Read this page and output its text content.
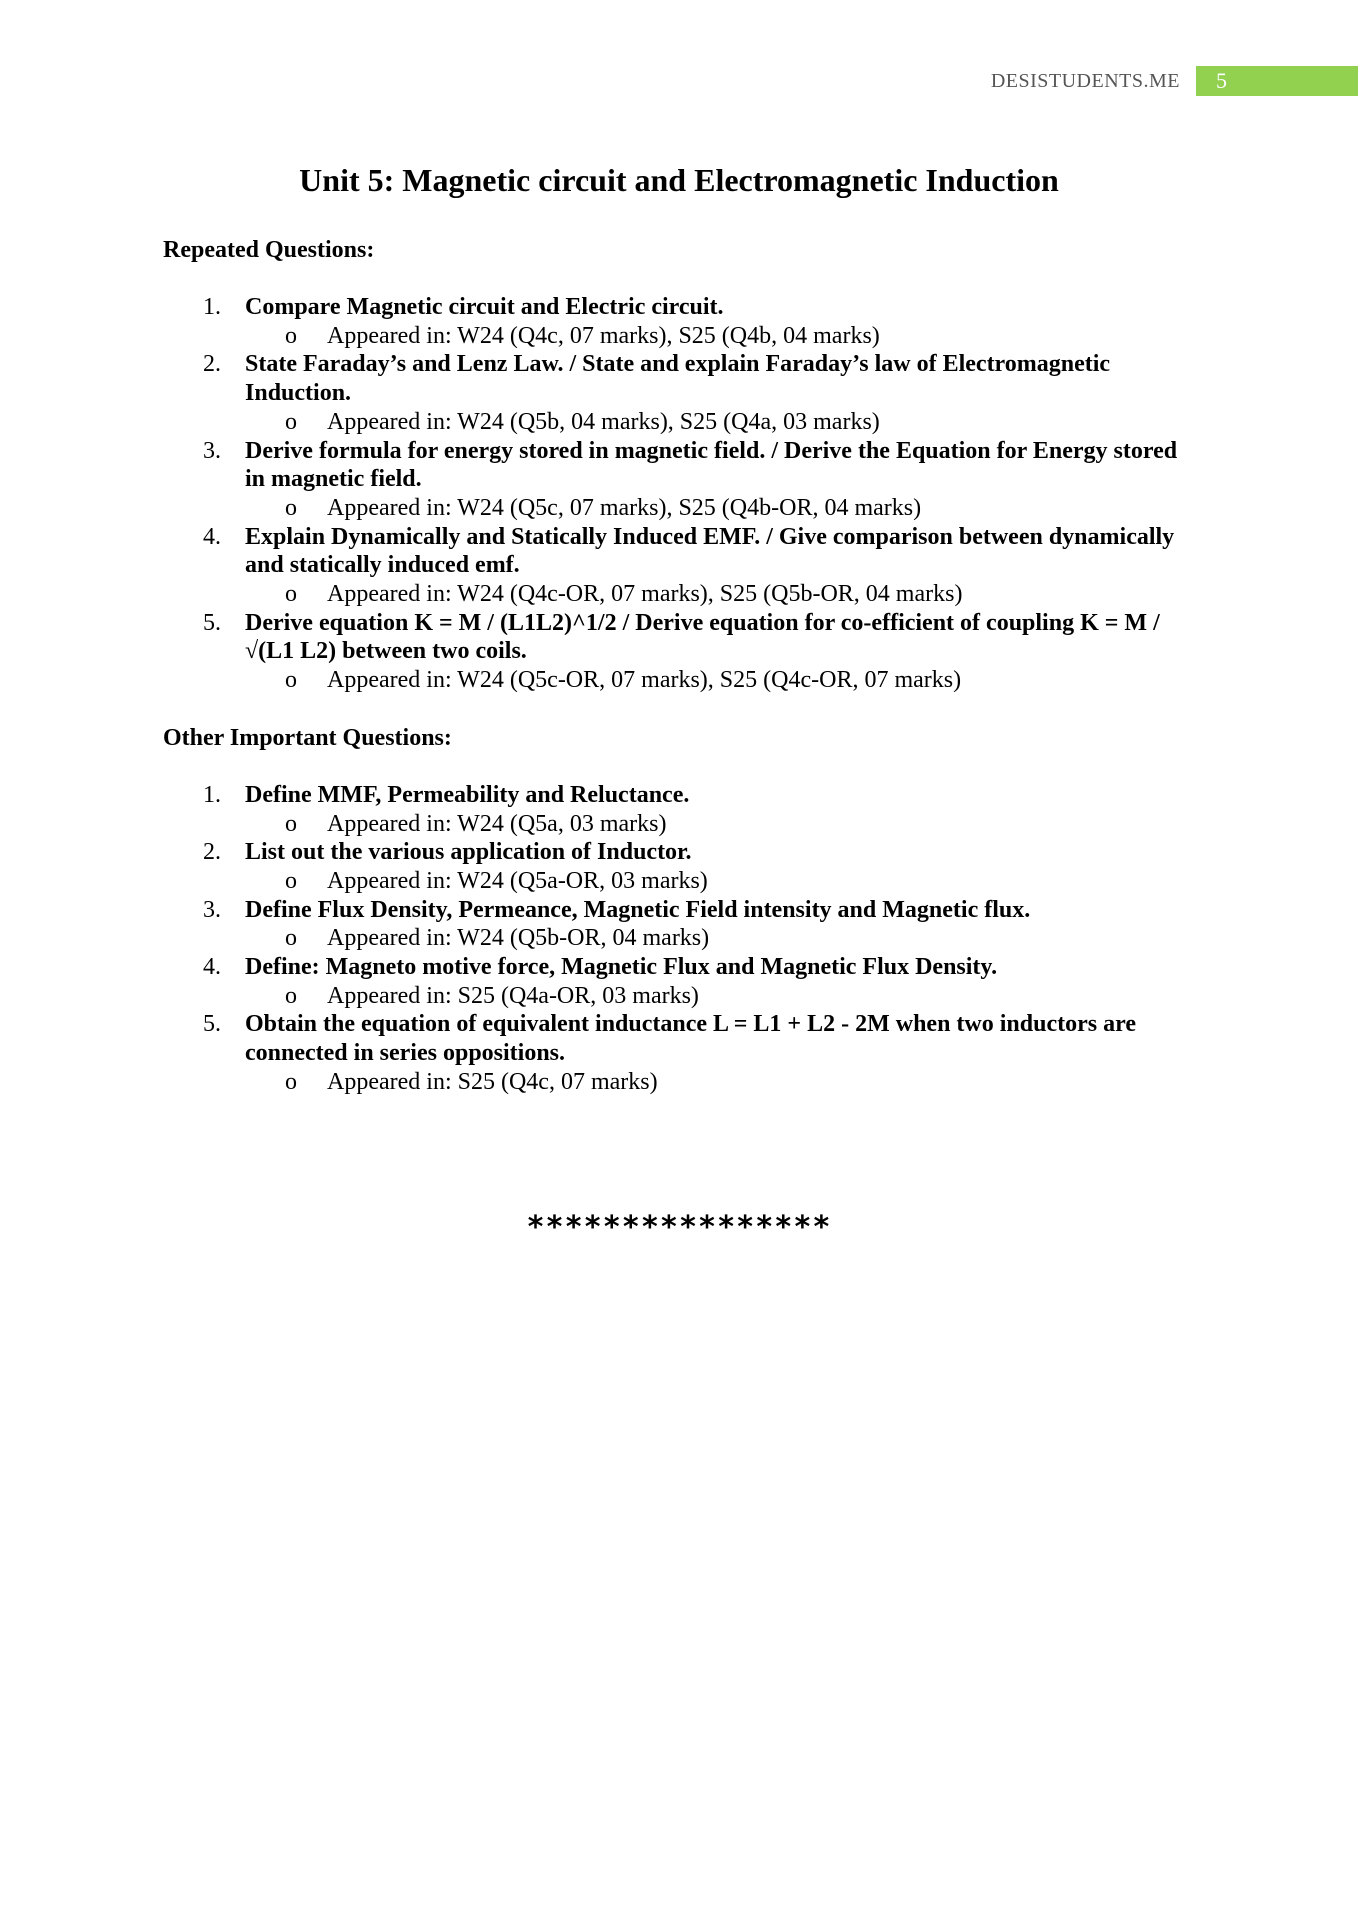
DESISTUDENTS.ME	5
Unit 5: Magnetic circuit and Electromagnetic Induction
Repeated Questions:
1. Compare Magnetic circuit and Electric circuit.
o Appeared in: W24 (Q4c, 07 marks), S25 (Q4b, 04 marks)
2. State Faraday’s and Lenz Law. / State and explain Faraday’s law of Electromagnetic Induction.
o Appeared in: W24 (Q5b, 04 marks), S25 (Q4a, 03 marks)
3. Derive formula for energy stored in magnetic field. / Derive the Equation for Energy stored in magnetic field.
o Appeared in: W24 (Q5c, 07 marks), S25 (Q4b-OR, 04 marks)
4. Explain Dynamically and Statically Induced EMF. / Give comparison between dynamically and statically induced emf.
o Appeared in: W24 (Q4c-OR, 07 marks), S25 (Q5b-OR, 04 marks)
5. Derive equation K = M / (L1L2)^1/2 / Derive equation for co-efficient of coupling K = M / √(L1 L2) between two coils.
o Appeared in: W24 (Q5c-OR, 07 marks), S25 (Q4c-OR, 07 marks)
Other Important Questions:
1. Define MMF, Permeability and Reluctance.
o Appeared in: W24 (Q5a, 03 marks)
2. List out the various application of Inductor.
o Appeared in: W24 (Q5a-OR, 03 marks)
3. Define Flux Density, Permeance, Magnetic Field intensity and Magnetic flux.
o Appeared in: W24 (Q5b-OR, 04 marks)
4. Define: Magneto motive force, Magnetic Flux and Magnetic Flux Density.
o Appeared in: S25 (Q4a-OR, 03 marks)
5. Obtain the equation of equivalent inductance L = L1 + L2 - 2M when two inductors are connected in series oppositions.
o Appeared in: S25 (Q4c, 07 marks)
****************
